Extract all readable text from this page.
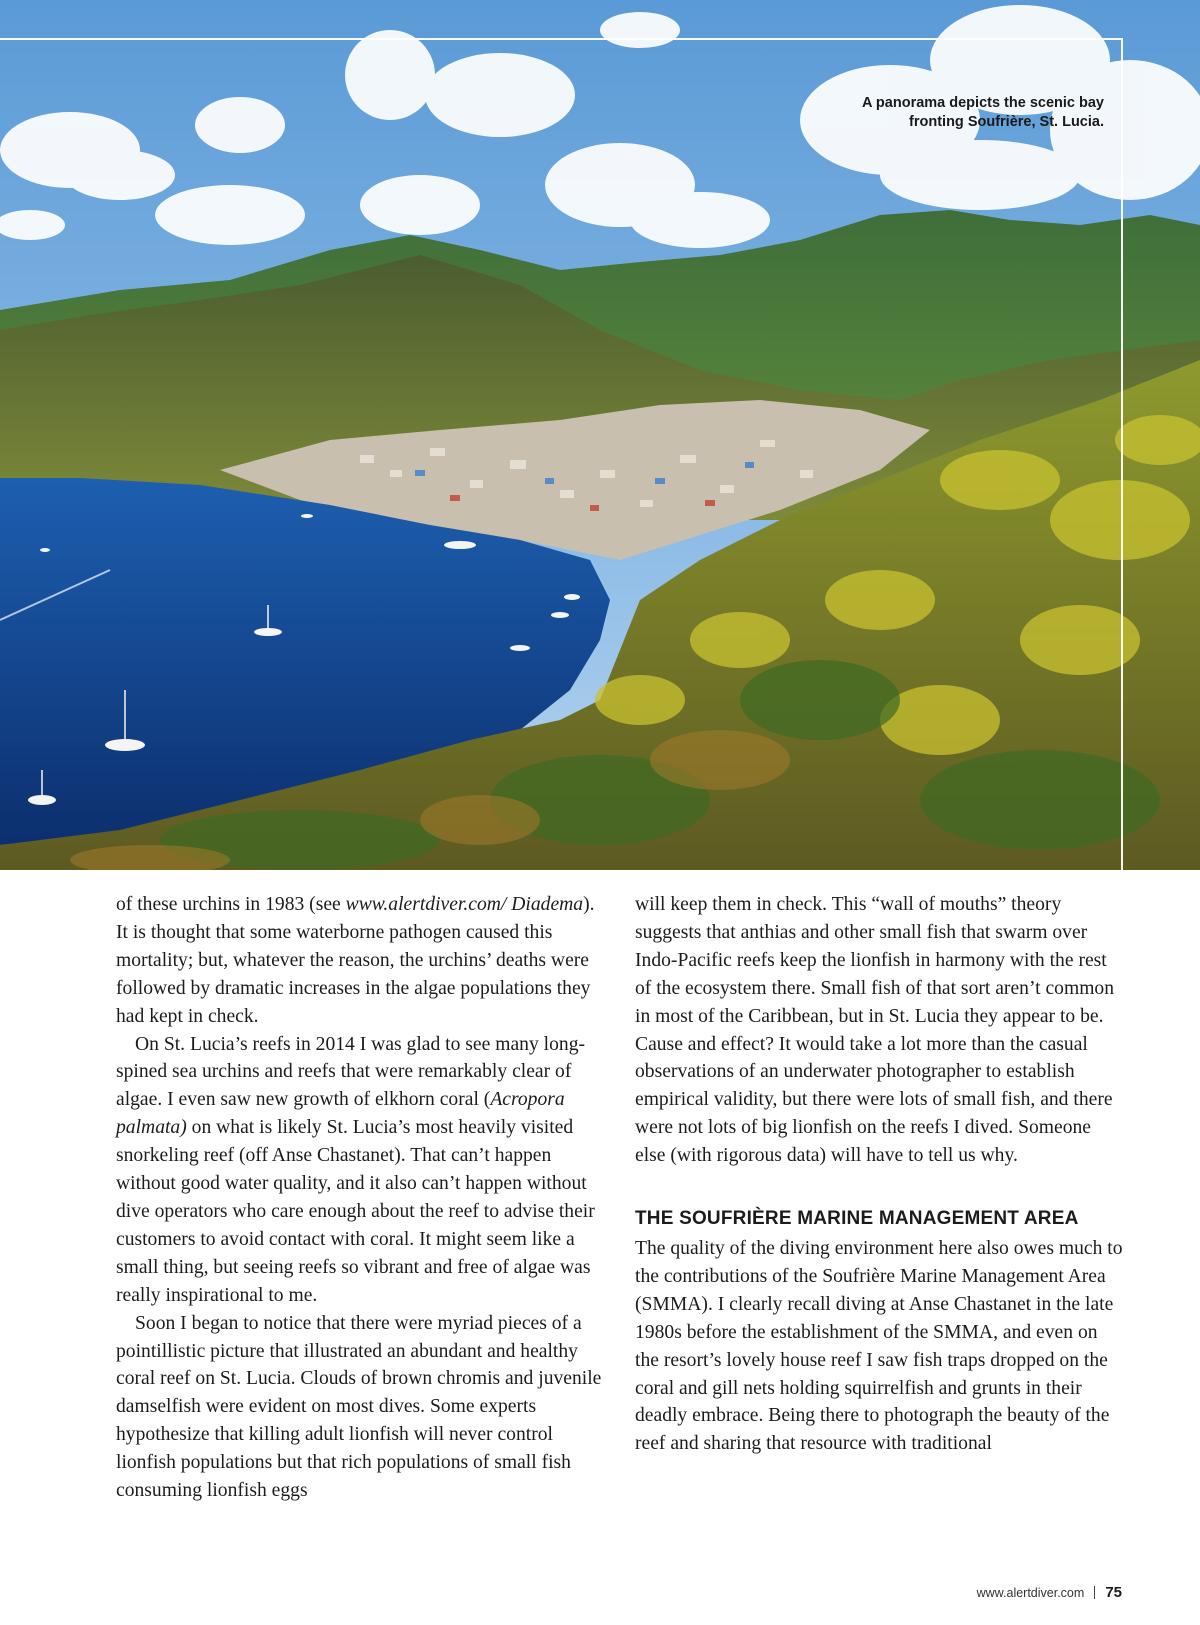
A panorama depicts the scenic bay
fronting Soufrière, St. Lucia.

of these urchins in 1983 (see www.alertdiver.com/ Diadema). It is thought that some waterborne pathogen caused this mortality; but, whatever the reason, the urchins’ deaths were followed by dramatic increases in the algae populations they had kept in check.

On St. Lucia’s reefs in 2014 I was glad to see many long-spined sea urchins and reefs that were remarkably clear of algae. I even saw new growth of elkhorn coral (Acropora palmata) on what is likely St. Lucia’s most heavily visited snorkeling reef (off Anse Chastanet). That can’t happen without good water quality, and it also can’t happen without dive operators who care enough about the reef to advise their customers to avoid contact with coral. It might seem like a small thing, but seeing reefs so vibrant and free of algae was really inspirational to me.

Soon I began to notice that there were myriad pieces of a pointillistic picture that illustrated an abundant and healthy coral reef on St. Lucia. Clouds of brown chromis and juvenile damselfish were evident on most dives. Some experts hypothesize that killing adult lionfish will never control lionfish populations but that rich populations of small fish consuming lionfish eggs

will keep them in check. This “wall of mouths” theory suggests that anthias and other small fish that swarm over Indo-Pacific reefs keep the lionfish in harmony with the rest of the ecosystem there. Small fish of that sort aren’t common in most of the Caribbean, but in St. Lucia they appear to be. Cause and effect? It would take a lot more than the casual observations of an underwater photographer to establish empirical validity, but there were lots of small fish, and there were not lots of big lionfish on the reefs I dived. Someone else (with rigorous data) will have to tell us why.

THE SOUFRIÈRE MARINE MANAGEMENT AREA

The quality of the diving environment here also owes much to the contributions of the Soufrière Marine Management Area (SMMA). I clearly recall diving at Anse Chastanet in the late 1980s before the establishment of the SMMA, and even on the resort’s lovely house reef I saw fish traps dropped on the coral and gill nets holding squirrelfish and grunts in their deadly embrace. Being there to photograph the beauty of the reef and sharing that resource with traditional

www.alertdiver.com 75
